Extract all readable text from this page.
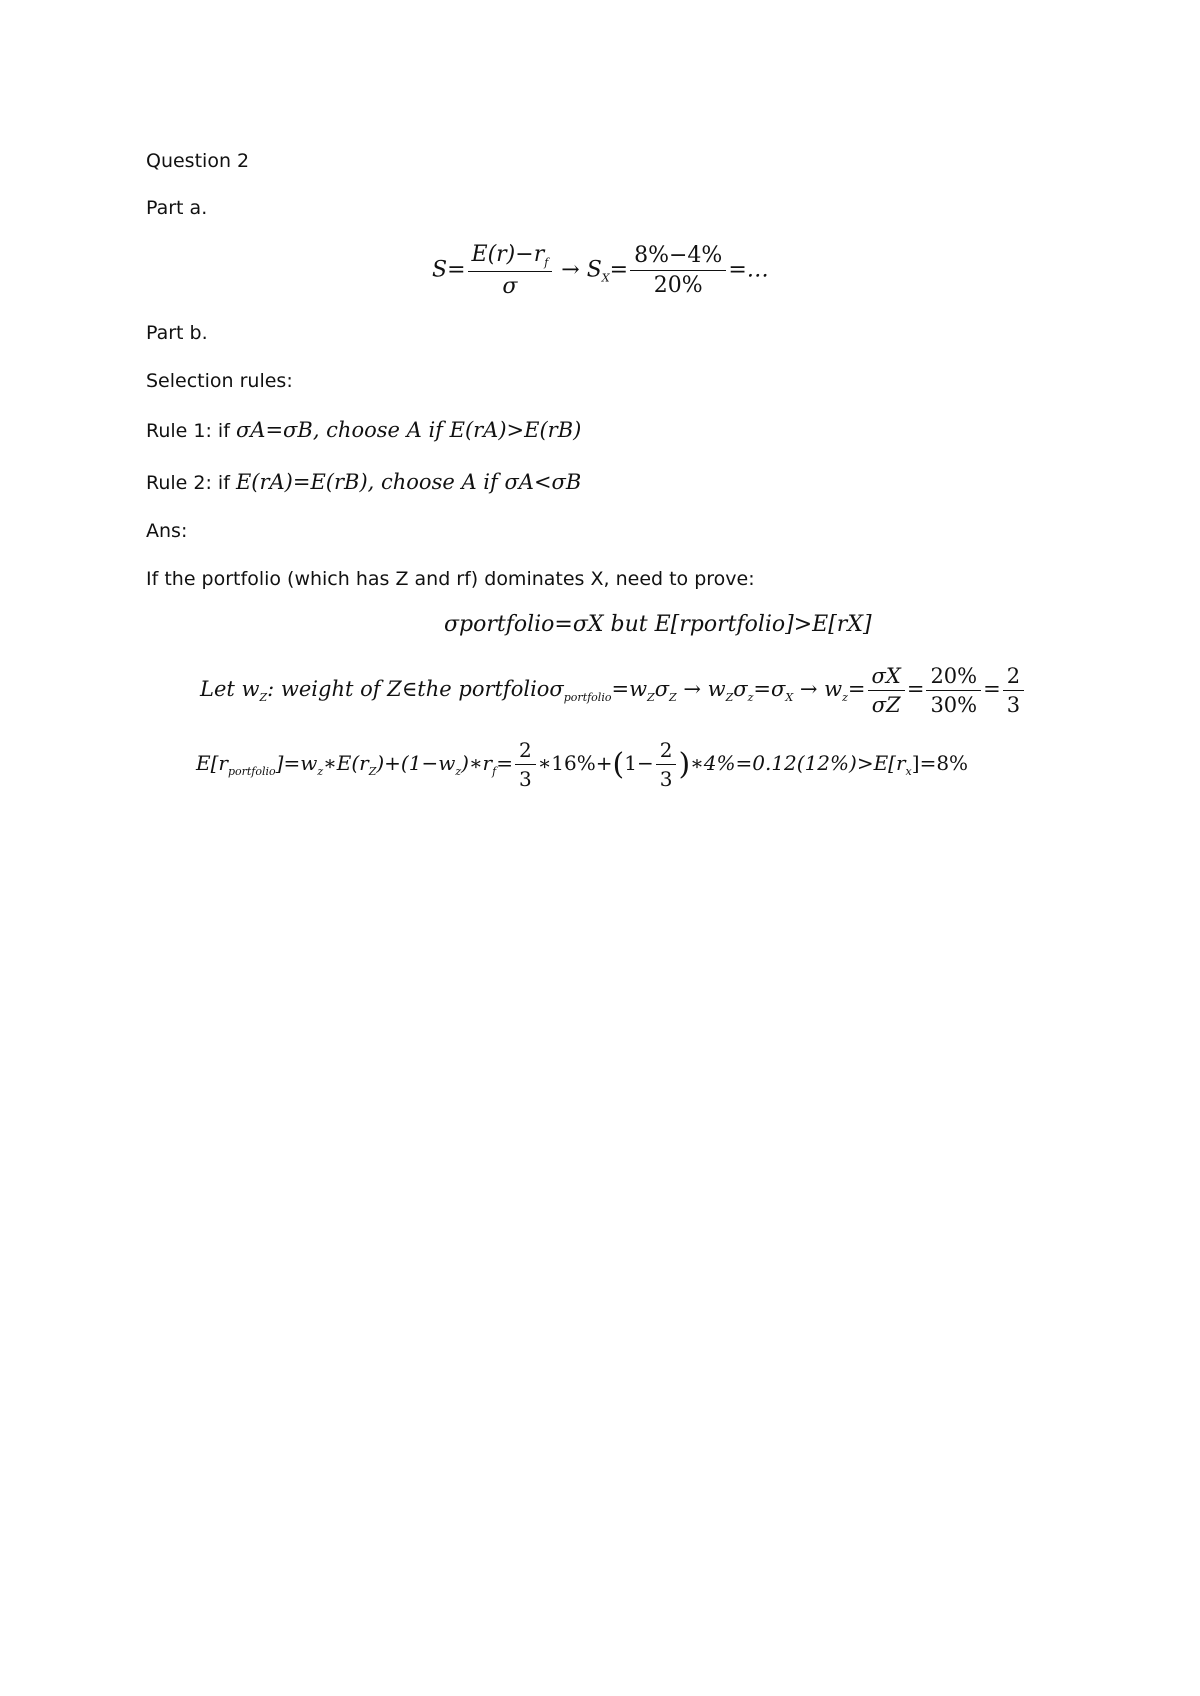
Question 2
Part a.
$S= \frac{E(r)-r_f}{\sigma} \to S_X= \frac{8\%-4\%}{20\%}$ =…
Part b.
Selection rules:
Rule 1: if σA=σB, choose A if E(rA)>E(rB)
Rule 2: if E(rA)=E(rB), choose A if σA<σB
Ans:
If the portfolio (which has Z and rf) dominates X, need to prove:
σportfolio=σX but E[rportfolio]>E[rX]
Let $w_Z$: weight of Z∈the $portfolio\sigma_{portfolio}=w_Z\sigma_Z \to w_Z\sigma_z=\sigma_X \to w_z= \frac{\sigma X}{\sigma Z} = \frac{20\%}{30\%} = \frac{2}{3}$
$E[r_{portfolio}]=w_z∗E(r_Z)+(1-w_z)∗r_f= \frac{2}{3}$ ∗16%+(1− $\frac{2}{3}$ )$∗4\%=0.12(12\%)>E[r_x]=8\%$
